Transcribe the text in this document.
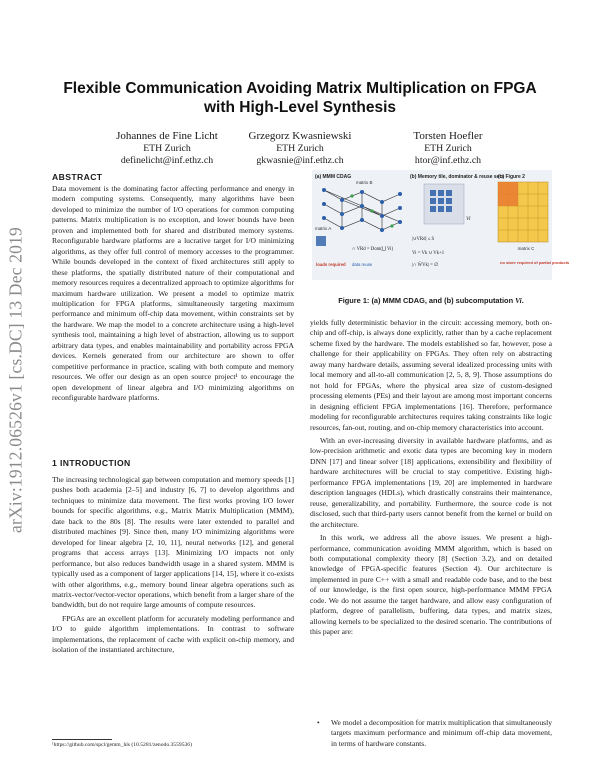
arXiv:1912.06526v1 [cs.DC] 13 Dec 2019
Flexible Communication Avoiding Matrix Multiplication on FPGA with High-Level Synthesis
Johannes de Fine Licht
ETH Zurich
definelicht@inf.ethz.ch
Grzegorz Kwasniewski
ETH Zurich
gkwasnie@inf.ethz.ch
Torsten Hoefler
ETH Zurich
htor@inf.ethz.ch

ABSTRACT

Data movement is the dominating factor affecting performance and energy in modern computing systems. Consequently, many algorithms have been developed to minimize the number of I/O operations for common computing patterns. Matrix multiplication is no exception, and lower bounds have been proven and implemented both for shared and distributed memory systems. Reconfigurable hardware platforms are a lucrative target for I/O minimizing algorithms, as they offer full control of memory accesses to the programmer. While bounds developed in the context of fixed architectures still apply to these platforms, the spatially distributed nature of their computational and memory resources requires a decentralized approach to optimize algorithms for maximum hardware utilization. We present a model to optimize matrix multiplication for FPGA platforms, simultaneously targeting maximum performance and minimum off-chip data movement, within constraints set by the hardware. We map the model to a concrete architecture using a high-level synthesis tool, maintaining a high level of abstraction, allowing us to support arbitrary data types, and enables maintainability and portability across FPGA devices. Kernels generated from our architecture are shown to offer competitive performance in practice, scaling with both compute and memory resources. We offer our design as an open source project¹ to encourage the open development of linear algebra and I/O minimizing algorithms on reconfigurable hardware platforms.

1 INTRODUCTION

The increasing technological gap between computation and memory speeds [1] pushes both academia [2–5] and industry [6, 7] to develop algorithms and techniques to minimize data movement. The first works proving I/O lower bounds for specific algorithms, e.g., Matrix Matrix Multiplication (MMM), date back to the 80s [8]. The results were later extended to parallel and distributed machines [9]. Since then, many I/O minimizing algorithms were developed for linear algebra [2, 10, 11], neural networks [12], and general programs that access arrays [13]. Minimizing I/O impacts not only performance, but also reduces bandwidth usage in a shared system. MMM is typically used as a component of larger applications [14, 15], where it co-exists with other algorithms, e.g., memory bound linear algebra operations such as matrix-vector/vector-vector operations, which benefit from a larger share of the bandwidth, but do not require large amounts of compute resources.

FPGAs are an excellent platform for accurately modeling performance and I/O to guide algorithm implementations. In contrast to software implementations, the replacement of cache with explicit on-chip memory, and isolation of the instantiated architecture,

(a) MMM CDAG
matrix B
matrix A
loads required
∩ VRd = Dom(⋃ Vi)
data reuse
(b) Memory tile, dominator & reuse sets
Vi
|∪VRd| ≤ S
Vi = Vk ∪ Vk+1
|∩ W̄Vk| = ∅
(c) Figure 2
matrix C
no store required of partial products
Figure 1: (a) MMM CDAG, and (b) subcomputation Vi.

yields fully deterministic behavior in the circuit: accessing memory, both on-chip and off-chip, is always done explicitly, rather than by a cache replacement scheme fixed by the hardware. The models established so far, however, pose a challenge for their applicability on FPGAs. They often rely on abstracting away many hardware details, assuming several idealized processing units with local memory and all-to-all communication [2, 5, 8, 9]. Those assumptions do not hold for FPGAs, where the physical area size of custom-designed processing elements (PEs) and their layout are among most important concerns in designing efficient FPGA implementations [16]. Therefore, performance modeling for reconfigurable architectures requires taking constraints like logic resources, fan-out, routing, and on-chip memory characteristics into account.

With an ever-increasing diversity in available hardware platforms, and as low-precision arithmetic and exotic data types are becoming key in modern DNN [17] and linear solver [18] applications, extensibility and flexibility of hardware architectures will be crucial to stay competitive. Existing high-performance FPGA implementations [19, 20] are implemented in hardware description languages (HDLs), which drastically constrains their maintenance, reuse, generalizability, and portability. Furthermore, the source code is not disclosed, such that third-party users cannot benefit from the kernel or build on the architecture.

In this work, we address all the above issues. We present a high-performance, communication avoiding MMM algorithm, which is based on both computational complexity theory [8] (Section 3.2), and on detailed knowledge of FPGA-specific features (Section 4). Our architecture is implemented in pure C++ with a small and readable code base, and to the best of our knowledge, is the first open source, high-performance MMM FPGA code. We do not assume the target hardware, and allow easy configuration of platform, degree of parallelism, buffering, data types, and matrix sizes, allowing kernels to be specialized to the desired scenario. The contributions of this paper are:

• We model a decomposition for matrix multiplication that simultaneously targets maximum performance and minimum off-chip data movement, in terms of hardware constants.
¹https://github.com/spcl/gemm_hls (10.5281/zenodo.3559536)
